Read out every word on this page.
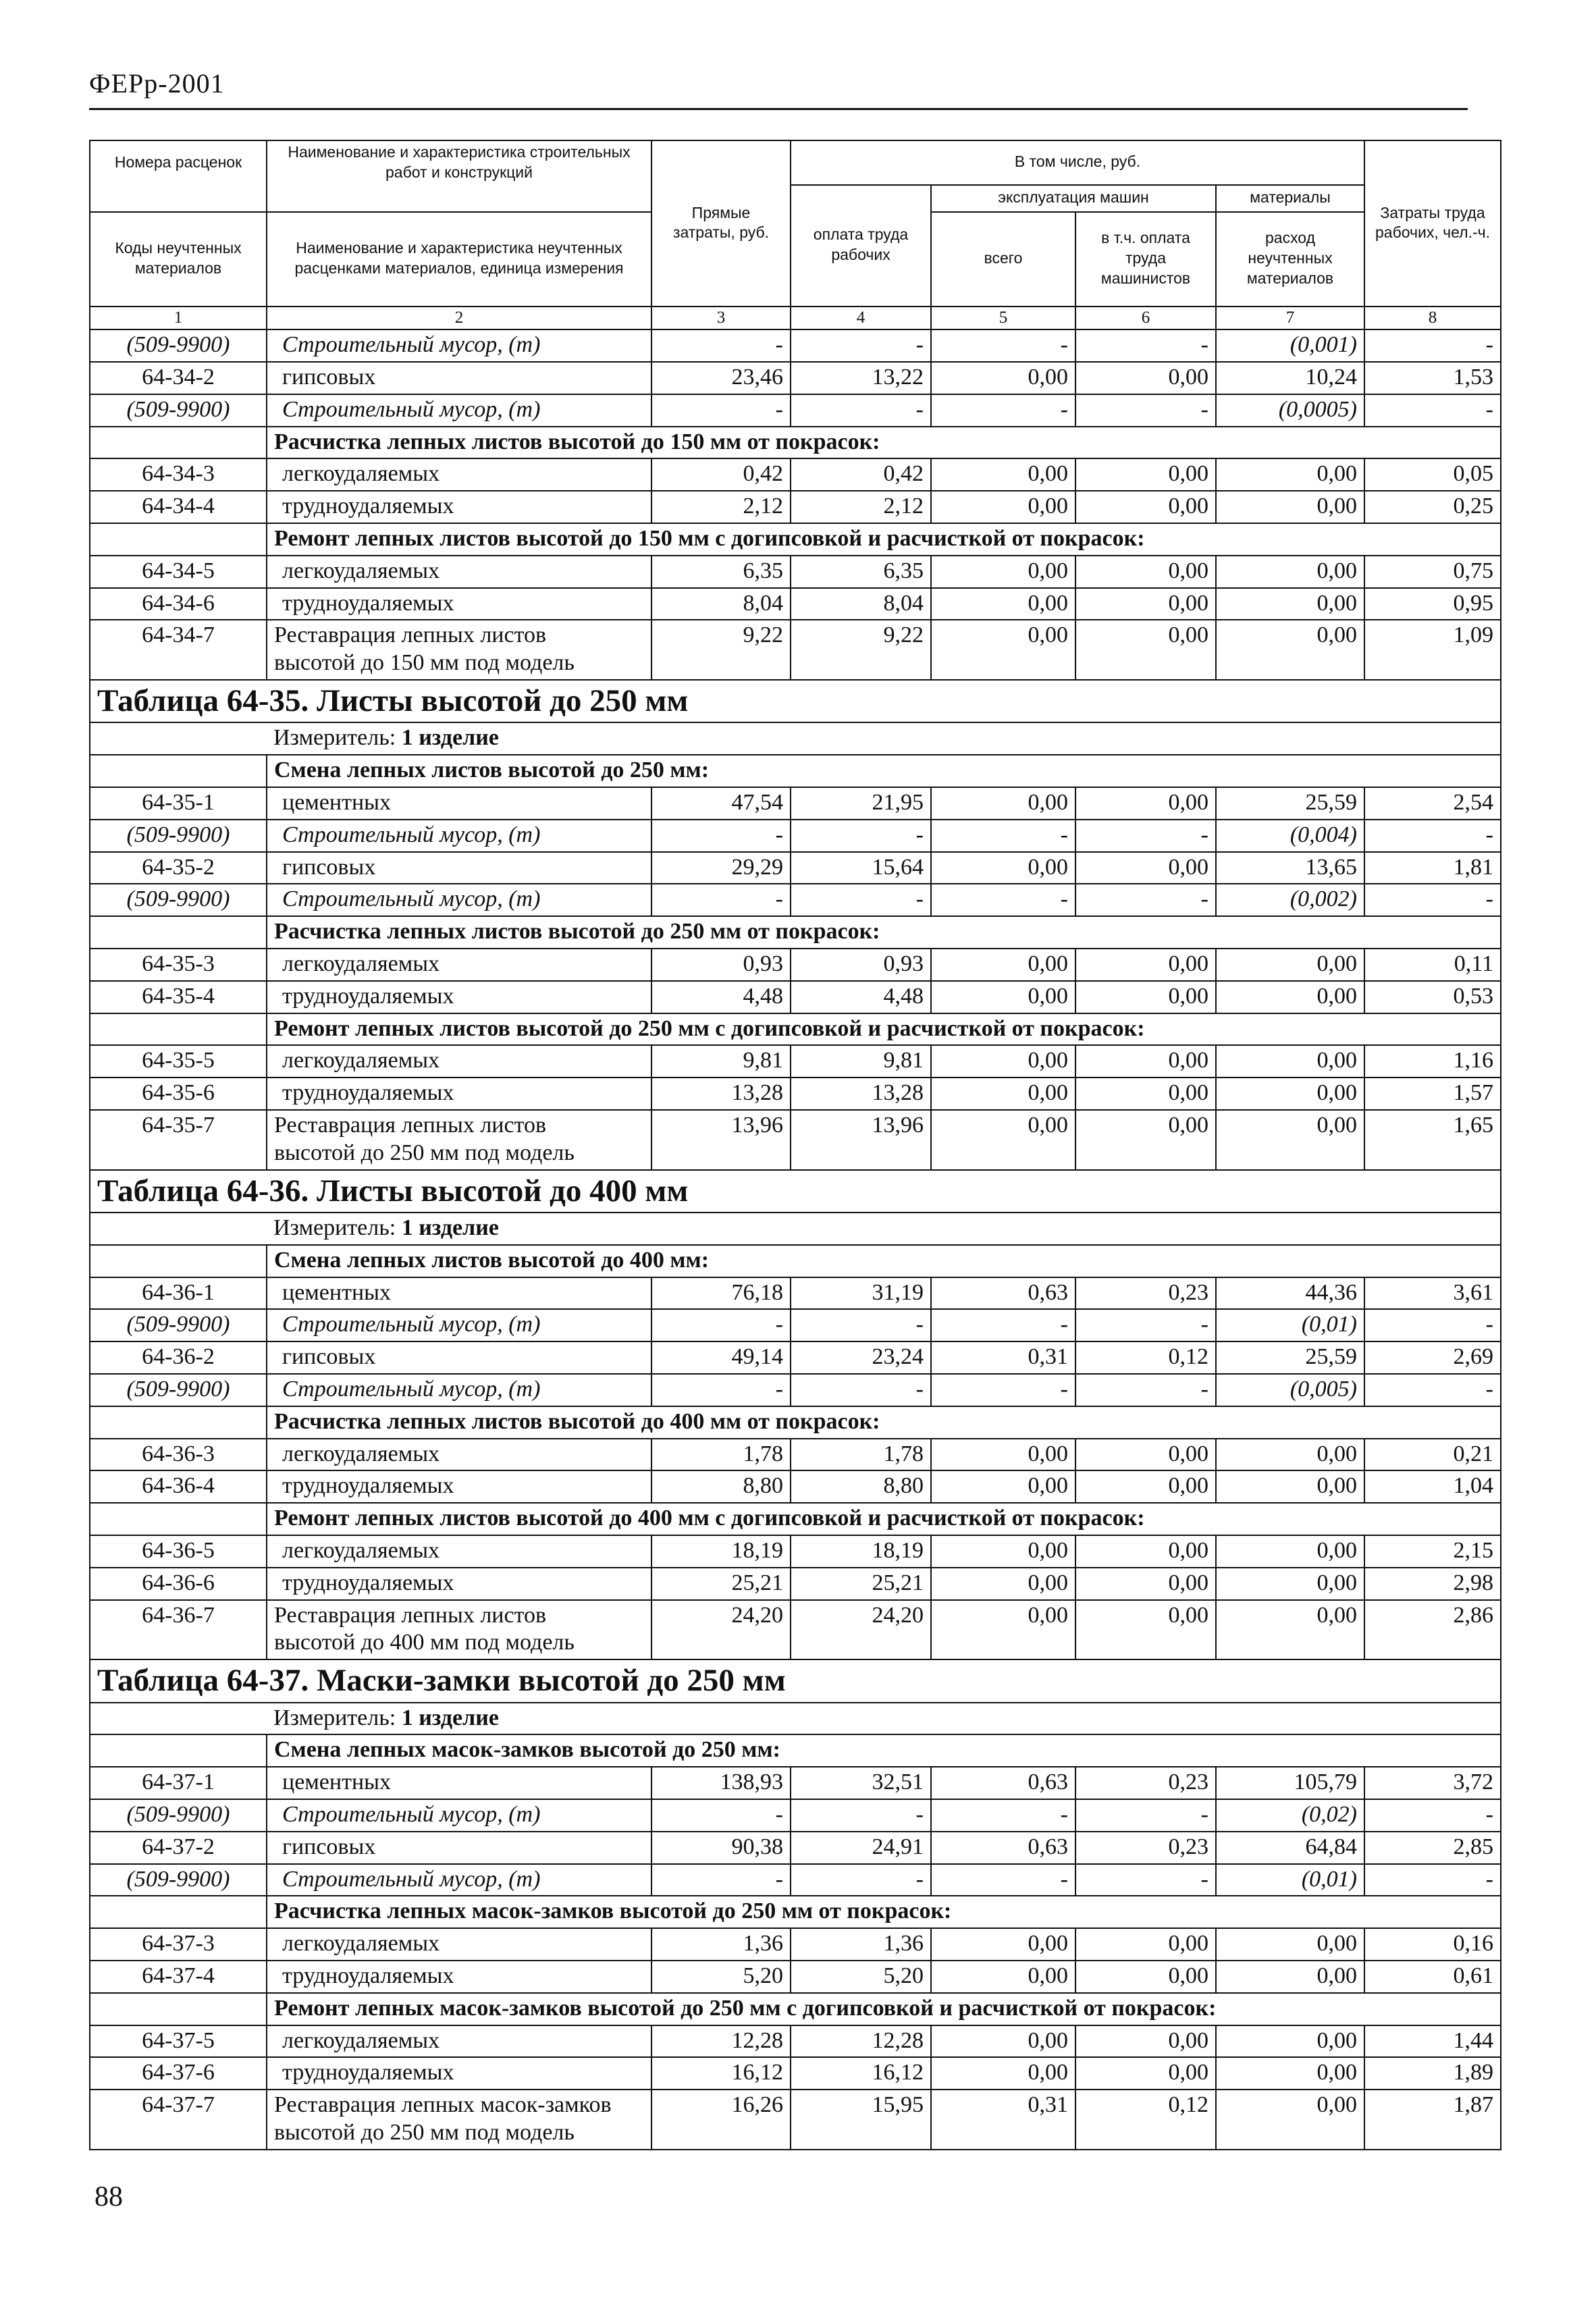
ФЕРр-2001
Номера расценок	Наименование и характеристика строительных работ и конструкций	Прямые затраты, руб.	В том числе, руб.				Затраты труда рабочих, чел.-ч.
			оплата труда рабочих	эксплуатация машин		материалы	
Коды неучтенных материалов	Наименование и характеристика неучтенных расценками материалов, единица измерения			всего	в т.ч. оплата труда машинистов	расход неучтенных материалов	
1	2	3	4	5	6	7	8
(509-9900)	Строительный мусор, (т)	-	-	-	-	(0,001)	-
64-34-2	гипсовых	23,46	13,22	0,00	0,00	10,24	1,53
(509-9900)	Строительный мусор, (т)	-	-	-	-	(0,0005)	-
	Расчистка лепных листов высотой до 150 мм от покрасок:						
64-34-3	легкоудаляемых	0,42	0,42	0,00	0,00	0,00	0,05
64-34-4	трудноудаляемых	2,12	2,12	0,00	0,00	0,00	0,25
	Ремонт лепных листов высотой до 150 мм с догипсовкой и расчисткой от покрасок:						
64-34-5	легкоудаляемых	6,35	6,35	0,00	0,00	0,00	0,75
64-34-6	трудноудаляемых	8,04	8,04	0,00	0,00	0,00	0,95
64-34-7	Реставрация лепных листов
высотой до 150 мм под модель	9,22	9,22	0,00	0,00	0,00	1,09
Таблица 64-35. Листы высотой до 250 мм							
	Измеритель: 1 изделие						
	Смена лепных листов высотой до 250 мм:						
64-35-1	цементных	47,54	21,95	0,00	0,00	25,59	2,54
(509-9900)	Строительный мусор, (т)	-	-	-	-	(0,004)	-
64-35-2	гипсовых	29,29	15,64	0,00	0,00	13,65	1,81
(509-9900)	Строительный мусор, (т)	-	-	-	-	(0,002)	-
	Расчистка лепных листов высотой до 250 мм от покрасок:						
64-35-3	легкоудаляемых	0,93	0,93	0,00	0,00	0,00	0,11
64-35-4	трудноудаляемых	4,48	4,48	0,00	0,00	0,00	0,53
	Ремонт лепных листов высотой до 250 мм с догипсовкой и расчисткой от покрасок:						
64-35-5	легкоудаляемых	9,81	9,81	0,00	0,00	0,00	1,16
64-35-6	трудноудаляемых	13,28	13,28	0,00	0,00	0,00	1,57
64-35-7	Реставрация лепных листов
высотой до 250 мм под модель	13,96	13,96	0,00	0,00	0,00	1,65
Таблица 64-36. Листы высотой до 400 мм							
	Измеритель: 1 изделие						
	Смена лепных листов высотой до 400 мм:						
64-36-1	цементных	76,18	31,19	0,63	0,23	44,36	3,61
(509-9900)	Строительный мусор, (т)	-	-	-	-	(0,01)	-
64-36-2	гипсовых	49,14	23,24	0,31	0,12	25,59	2,69
(509-9900)	Строительный мусор, (т)	-	-	-	-	(0,005)	-
	Расчистка лепных листов высотой до 400 мм от покрасок:						
64-36-3	легкоудаляемых	1,78	1,78	0,00	0,00	0,00	0,21
64-36-4	трудноудаляемых	8,80	8,80	0,00	0,00	0,00	1,04
	Ремонт лепных листов высотой до 400 мм с догипсовкой и расчисткой от покрасок:						
64-36-5	легкоудаляемых	18,19	18,19	0,00	0,00	0,00	2,15
64-36-6	трудноудаляемых	25,21	25,21	0,00	0,00	0,00	2,98
64-36-7	Реставрация лепных листов
высотой до 400 мм под модель	24,20	24,20	0,00	0,00	0,00	2,86
Таблица 64-37. Маски-замки высотой до 250 мм							
	Измеритель: 1 изделие						
	Смена лепных масок-замков высотой до 250 мм:						
64-37-1	цементных	138,93	32,51	0,63	0,23	105,79	3,72
(509-9900)	Строительный мусор, (т)	-	-	-	-	(0,02)	-
64-37-2	гипсовых	90,38	24,91	0,63	0,23	64,84	2,85
(509-9900)	Строительный мусор, (т)	-	-	-	-	(0,01)	-
	Расчистка лепных масок-замков высотой до 250 мм от покрасок:						
64-37-3	легкоудаляемых	1,36	1,36	0,00	0,00	0,00	0,16
64-37-4	трудноудаляемых	5,20	5,20	0,00	0,00	0,00	0,61
	Ремонт лепных масок-замков высотой до 250 мм с догипсовкой и расчисткой от покрасок:						
64-37-5	легкоудаляемых	12,28	12,28	0,00	0,00	0,00	1,44
64-37-6	трудноудаляемых	16,12	16,12	0,00	0,00	0,00	1,89
64-37-7	Реставрация лепных масок-замков
высотой до 250 мм под модель	16,26	15,95	0,31	0,12	0,00	1,87
88
